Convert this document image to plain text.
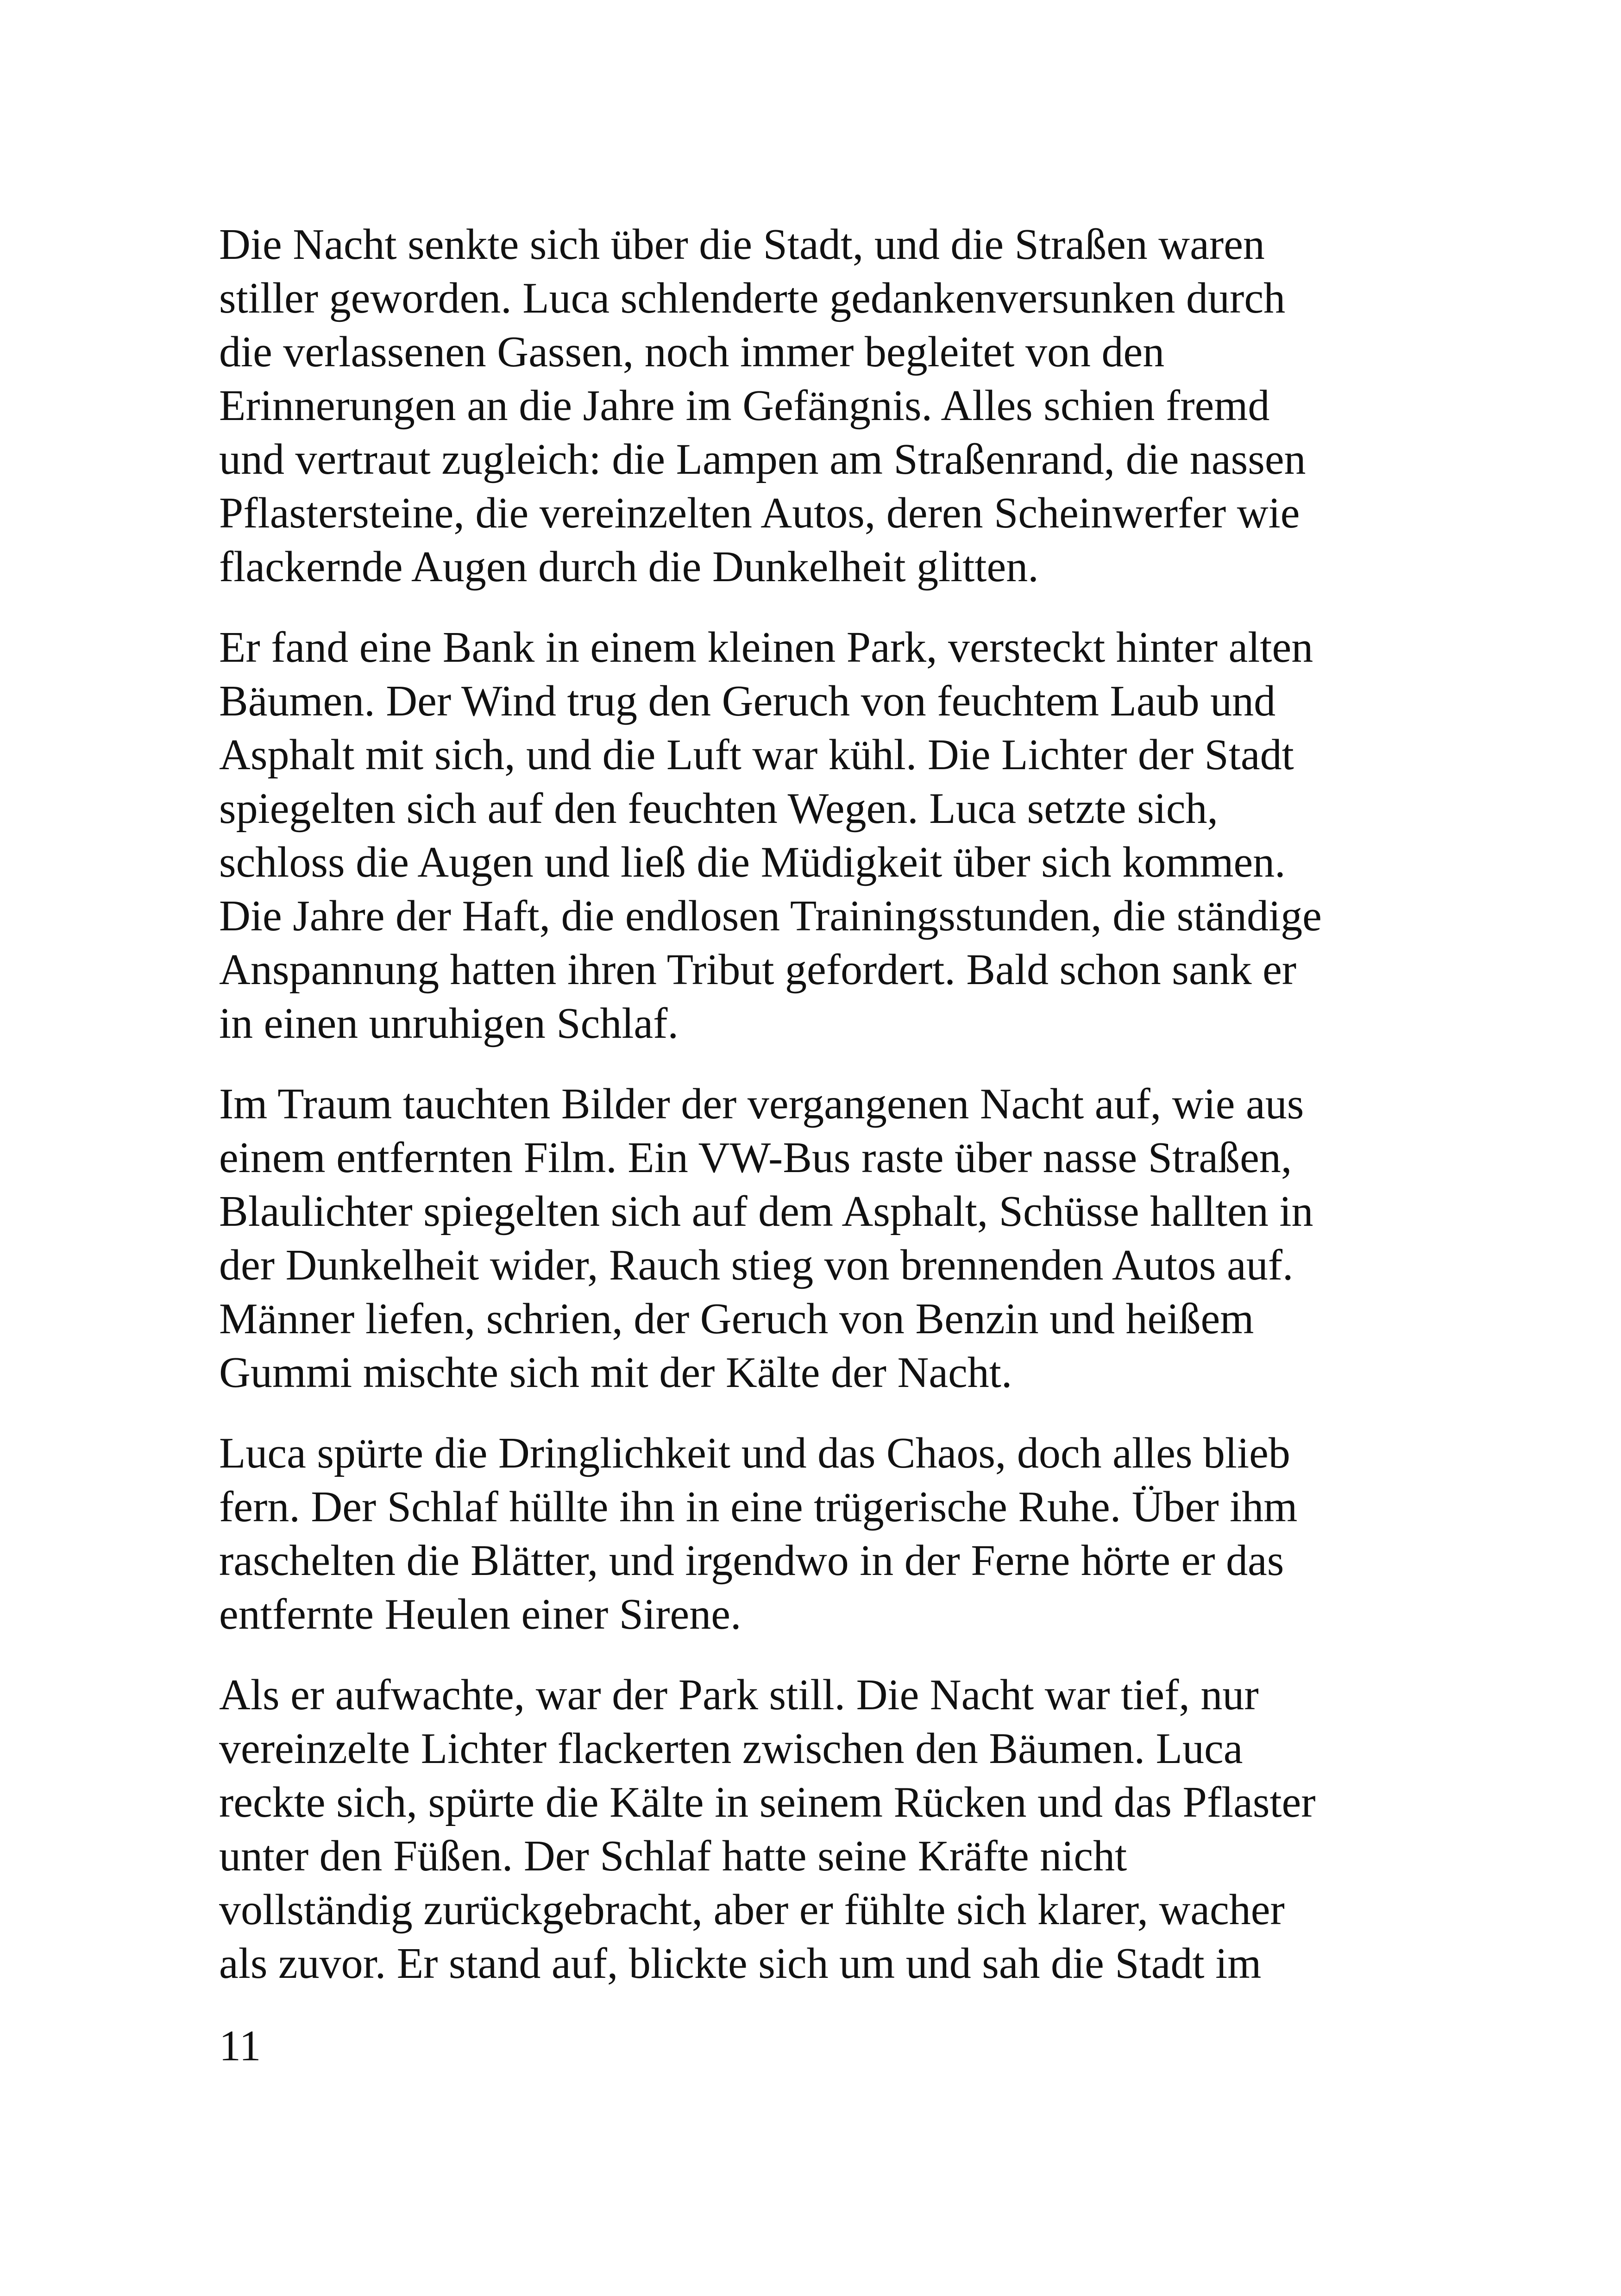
Die Nacht senkte sich über die Stadt, und die Straßen waren
stiller geworden. Luca schlenderte gedankenversunken durch
die verlassenen Gassen, noch immer begleitet von den
Erinnerungen an die Jahre im Gefängnis. Alles schien fremd
und vertraut zugleich: die Lampen am Straßenrand, die nassen
Pflastersteine, die vereinzelten Autos, deren Scheinwerfer wie
flackernde Augen durch die Dunkelheit glitten.

Er fand eine Bank in einem kleinen Park, versteckt hinter alten
Bäumen. Der Wind trug den Geruch von feuchtem Laub und
Asphalt mit sich, und die Luft war kühl. Die Lichter der Stadt
spiegelten sich auf den feuchten Wegen. Luca setzte sich,
schloss die Augen und ließ die Müdigkeit über sich kommen.
Die Jahre der Haft, die endlosen Trainingsstunden, die ständige
Anspannung hatten ihren Tribut gefordert. Bald schon sank er
in einen unruhigen Schlaf.

Im Traum tauchten Bilder der vergangenen Nacht auf, wie aus
einem entfernten Film. Ein VW-Bus raste über nasse Straßen,
Blaulichter spiegelten sich auf dem Asphalt, Schüsse hallten in
der Dunkelheit wider, Rauch stieg von brennenden Autos auf.
Männer liefen, schrien, der Geruch von Benzin und heißem
Gummi mischte sich mit der Kälte der Nacht.

Luca spürte die Dringlichkeit und das Chaos, doch alles blieb
fern. Der Schlaf hüllte ihn in eine trügerische Ruhe. Über ihm
raschelten die Blätter, und irgendwo in der Ferne hörte er das
entfernte Heulen einer Sirene.

Als er aufwachte, war der Park still. Die Nacht war tief, nur
vereinzelte Lichter flackerten zwischen den Bäumen. Luca
reckte sich, spürte die Kälte in seinem Rücken und das Pflaster
unter den Füßen. Der Schlaf hatte seine Kräfte nicht
vollständig zurückgebracht, aber er fühlte sich klarer, wacher
als zuvor. Er stand auf, blickte sich um und sah die Stadt im

11
